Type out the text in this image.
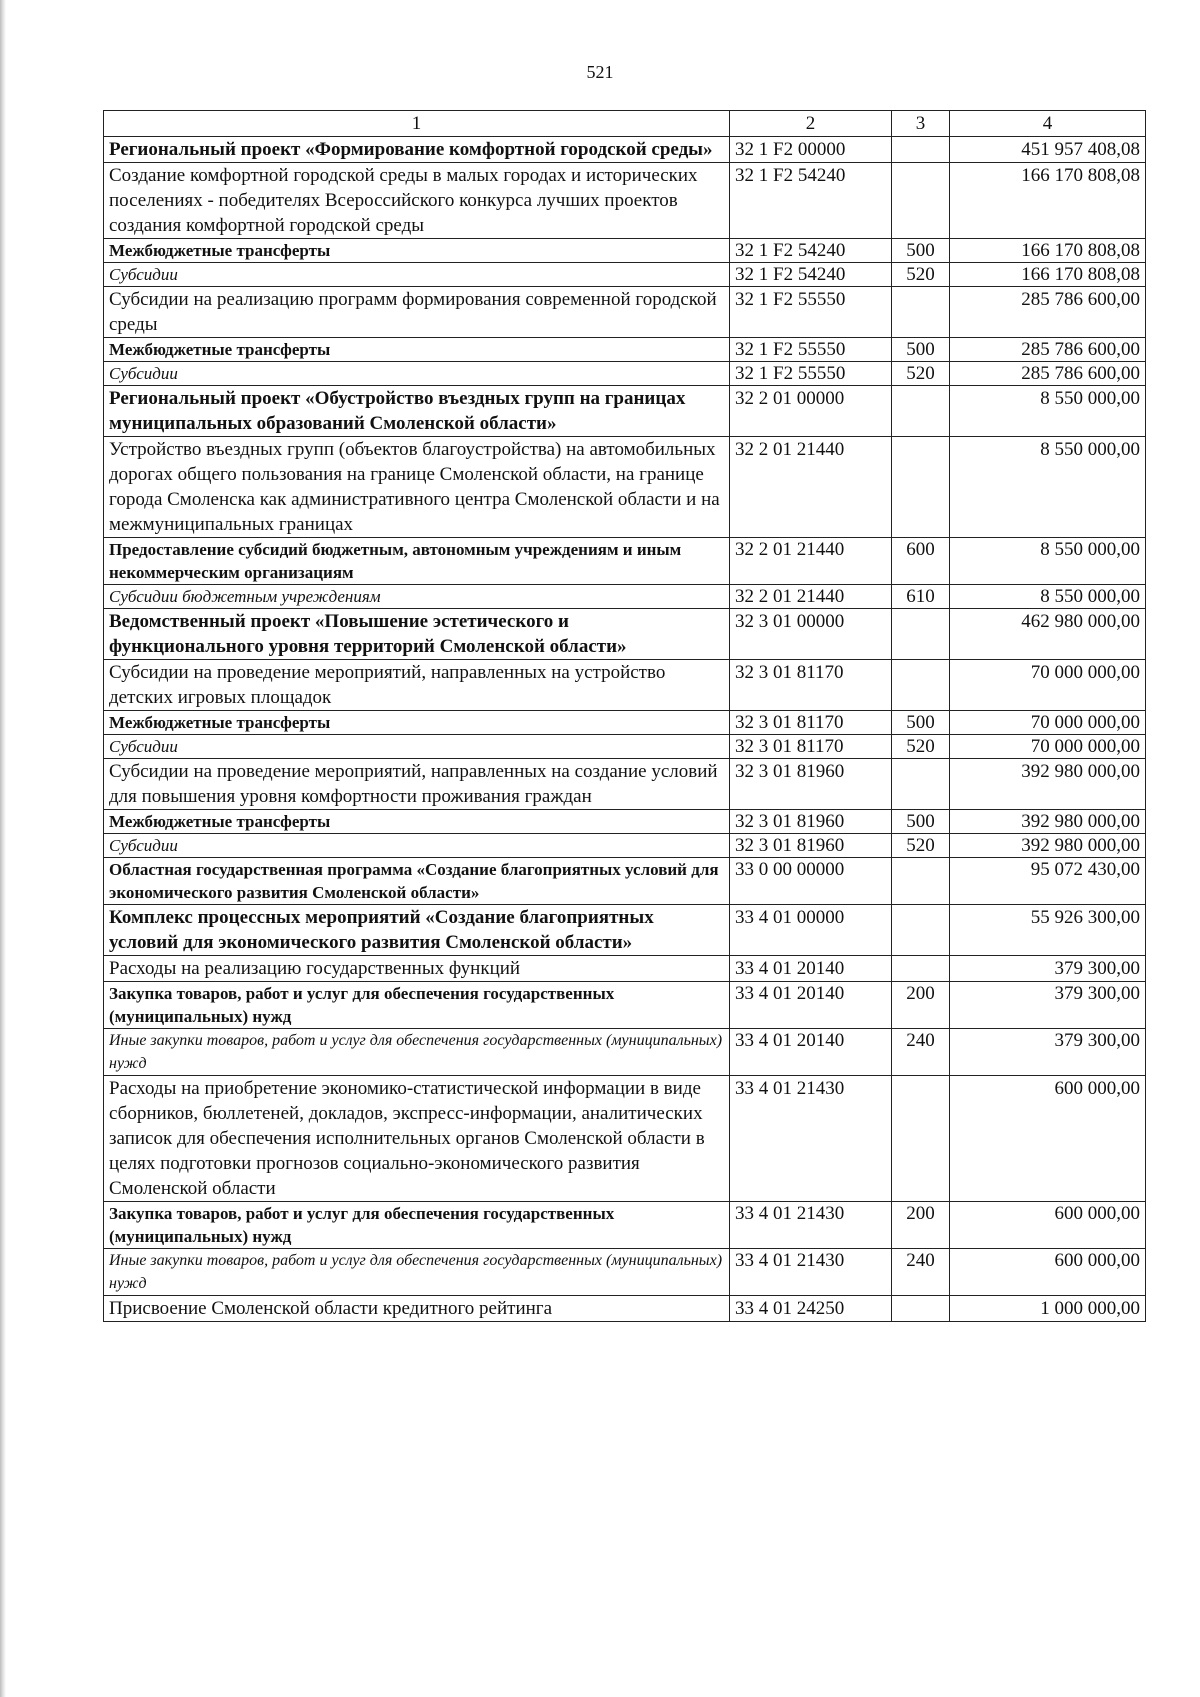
521
1	2	3	4
Региональный проект «Формирование комфортной городской среды»	32 1 F2 00000		451 957 408,08
Создание комфортной городской среды в малых городах и исторических поселениях - победителях Всероссийского конкурса лучших проектов создания комфортной городской среды	32 1 F2 54240		166 170 808,08
Межбюджетные трансферты	32 1 F2 54240	500	166 170 808,08
Субсидии	32 1 F2 54240	520	166 170 808,08
Субсидии на реализацию программ формирования современной городской среды	32 1 F2 55550		285 786 600,00
Межбюджетные трансферты	32 1 F2 55550	500	285 786 600,00
Субсидии	32 1 F2 55550	520	285 786 600,00
Региональный проект «Обустройство въездных групп на границах муниципальных образований Смоленской области»	32 2 01 00000		8 550 000,00
Устройство въездных групп (объектов благоустройства) на автомобильных дорогах общего пользования на границе Смоленской области, на границе города Смоленска как административного центра Смоленской области и на межмуниципальных границах	32 2 01 21440		8 550 000,00
Предоставление субсидий бюджетным, автономным учреждениям и иным некоммерческим организациям	32 2 01 21440	600	8 550 000,00
Субсидии бюджетным учреждениям	32 2 01 21440	610	8 550 000,00
Ведомственный проект «Повышение эстетического и функционального уровня территорий Смоленской области»	32 3 01 00000		462 980 000,00
Субсидии на проведение мероприятий, направленных на устройство детских игровых площадок	32 3 01 81170		70 000 000,00
Межбюджетные трансферты	32 3 01 81170	500	70 000 000,00
Субсидии	32 3 01 81170	520	70 000 000,00
Субсидии на проведение мероприятий, направленных на создание условий для повышения уровня комфортности проживания граждан	32 3 01 81960		392 980 000,00
Межбюджетные трансферты	32 3 01 81960	500	392 980 000,00
Субсидии	32 3 01 81960	520	392 980 000,00
Областная государственная программа «Создание благоприятных условий для экономического развития Смоленской области»	33 0 00 00000		95 072 430,00
Комплекс процессных мероприятий «Создание благоприятных условий для экономического развития Смоленской области»	33 4 01 00000		55 926 300,00
Расходы на реализацию государственных функций	33 4 01 20140		379 300,00
Закупка товаров, работ и услуг для обеспечения государственных (муниципальных) нужд	33 4 01 20140	200	379 300,00
Иные закупки товаров, работ и услуг для обеспечения государственных (муниципальных) нужд	33 4 01 20140	240	379 300,00
Расходы на приобретение экономико-статистической информации в виде сборников, бюллетеней, докладов, экспресс-информации, аналитических записок для обеспечения исполнительных органов Смоленской области в целях подготовки прогнозов социально-экономического развития Смоленской области	33 4 01 21430		600 000,00
Закупка товаров, работ и услуг для обеспечения государственных (муниципальных) нужд	33 4 01 21430	200	600 000,00
Иные закупки товаров, работ и услуг для обеспечения государственных (муниципальных) нужд	33 4 01 21430	240	600 000,00
Присвоение Смоленской области кредитного рейтинга	33 4 01 24250		1 000 000,00
